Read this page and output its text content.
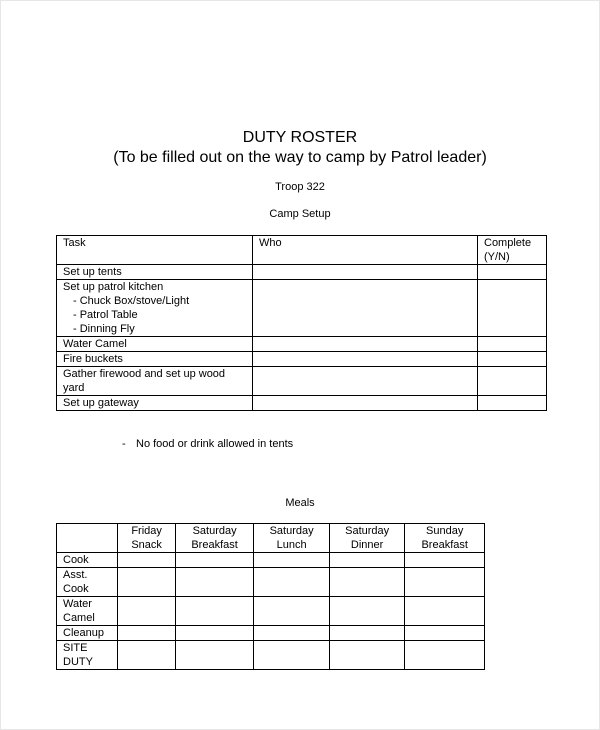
DUTY ROSTER
(To be filled out on the way to camp by Patrol leader)
Troop 322
Camp Setup
Task	Who	Complete (Y/N)
Set up tents		

Set up patrol kitchen
- Chuck Box/stove/Light
- Patrol Table
- Dinning Fly		

Water Camel		
Fire buckets		
Gather firewood and set up wood yard		
Set up gateway		
- No food or drink allowed in tents
Meals
	Friday Snack	Saturday Breakfast	Saturday Lunch	Saturday Dinner	Sunday Breakfast
Cook					
Asst. Cook					
Water Camel					
Cleanup					
SITE DUTY					
